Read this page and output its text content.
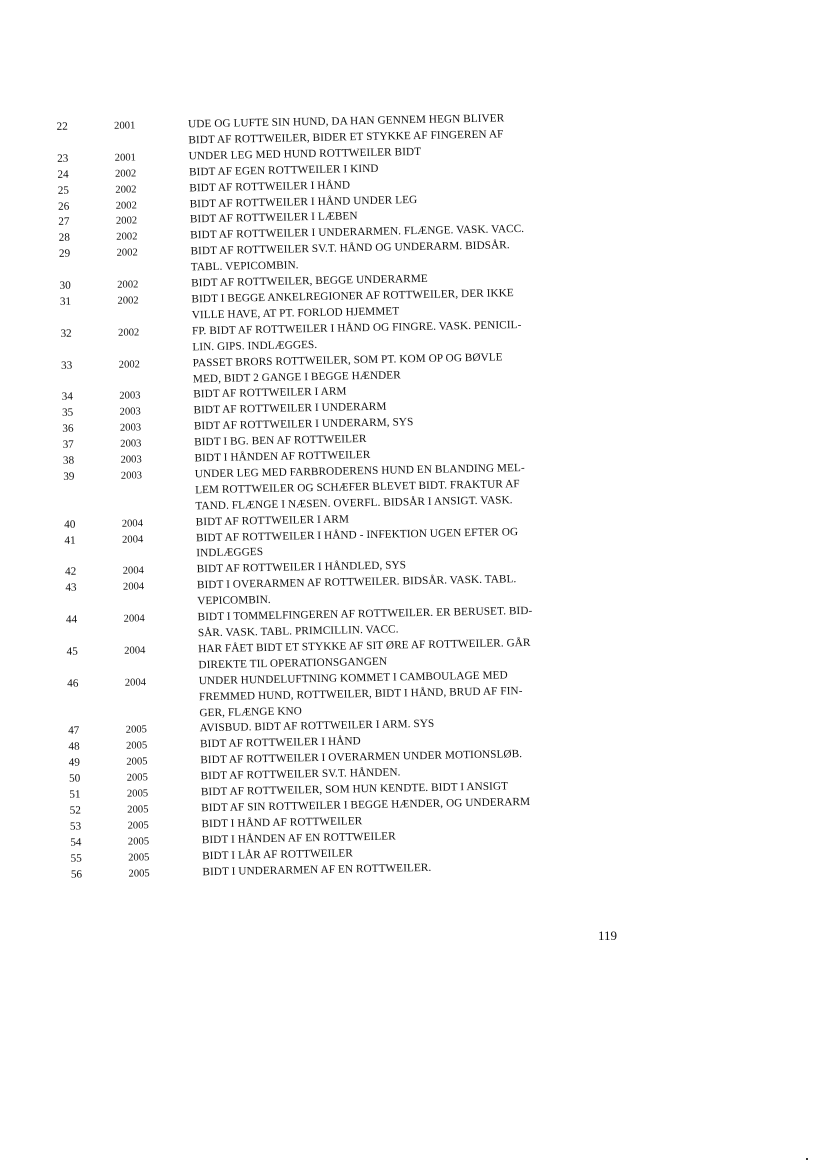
22	2001	UDE OG LUFTE SIN HUND, DA HAN GENNEM HEGN BLIVER
BIDT AF ROTTWEILER, BIDER ET STYKKE AF FINGEREN AF
23	2001	UNDER LEG MED HUND ROTTWEILER BIDT
24	2002	BIDT AF EGEN ROTTWEILER I KIND
25	2002	BIDT AF ROTTWEILER I HÅND
26	2002	BIDT AF ROTTWEILER I HÅND UNDER LEG
27	2002	BIDT AF ROTTWEILER I LÆBEN
28	2002	BIDT AF ROTTWEILER I UNDERARMEN. FLÆNGE. VASK. VACC.
29	2002	BIDT AF ROTTWEILER SV.T. HÅND OG UNDERARM. BIDSÅR.
TABL. VEPICOMBIN.
30	2002	BIDT AF ROTTWEILER, BEGGE UNDERARME
31	2002	BIDT I BEGGE ANKELREGIONER AF ROTTWEILER, DER IKKE
VILLE HAVE, AT PT. FORLOD HJEMMET
32	2002	FP. BIDT AF ROTTWEILER I HÅND OG FINGRE. VASK. PENICIL-
LIN. GIPS. INDLÆGGES.
33	2002	PASSET BRORS ROTTWEILER, SOM PT. KOM OP OG BØVLE
MED, BIDT 2 GANGE I BEGGE HÆNDER
34	2003	BIDT AF ROTTWEILER I ARM
35	2003	BIDT AF ROTTWEILER I UNDERARM
36	2003	BIDT AF ROTTWEILER I UNDERARM, SYS
37	2003	BIDT I BG. BEN AF ROTTWEILER
38	2003	BIDT I HÅNDEN AF ROTTWEILER
39	2003	UNDER LEG MED FARBRODERENS HUND EN BLANDING MEL-
LEM ROTTWEILER OG SCHÆFER BLEVET BIDT. FRAKTUR AF
TAND. FLÆNGE I NÆSEN. OVERFL. BIDSÅR I ANSIGT. VASK.
40	2004	BIDT AF ROTTWEILER I ARM
41	2004	BIDT AF ROTTWEILER I HÅND - INFEKTION UGEN EFTER OG
INDLÆGGES
42	2004	BIDT AF ROTTWEILER I HÅNDLED, SYS
43	2004	BIDT I OVERARMEN AF ROTTWEILER. BIDSÅR. VASK. TABL.
VEPICOMBIN.
44	2004	BIDT I TOMMELFINGEREN AF ROTTWEILER. ER BERUSET. BID-
SÅR. VASK. TABL. PRIMCILLIN. VACC.
45	2004	HAR FÅET BIDT ET STYKKE AF SIT ØRE AF ROTTWEILER. GÅR
DIREKTE TIL OPERATIONSGANGEN
46	2004	UNDER HUNDELUFTNING KOMMET I CAMBOULAGE MED
FREMMED HUND, ROTTWEILER, BIDT I HÅND, BRUD AF FIN-
GER, FLÆNGE KNO
47	2005	AVISBUD. BIDT AF ROTTWEILER I ARM. SYS
48	2005	BIDT AF ROTTWEILER I HÅND
49	2005	BIDT AF ROTTWEILER I OVERARMEN UNDER MOTIONSLØB.
50	2005	BIDT AF ROTTWEILER SV.T. HÅNDEN.
51	2005	BIDT AF ROTTWEILER, SOM HUN KENDTE. BIDT I ANSIGT
52	2005	BIDT AF SIN ROTTWEILER I BEGGE HÆNDER, OG UNDERARM
53	2005	BIDT I HÅND AF ROTTWEILER
54	2005	BIDT I HÅNDEN AF EN ROTTWEILER
55	2005	BIDT I LÅR AF ROTTWEILER
56	2005	BIDT I UNDERARMEN AF EN ROTTWEILER.
119
